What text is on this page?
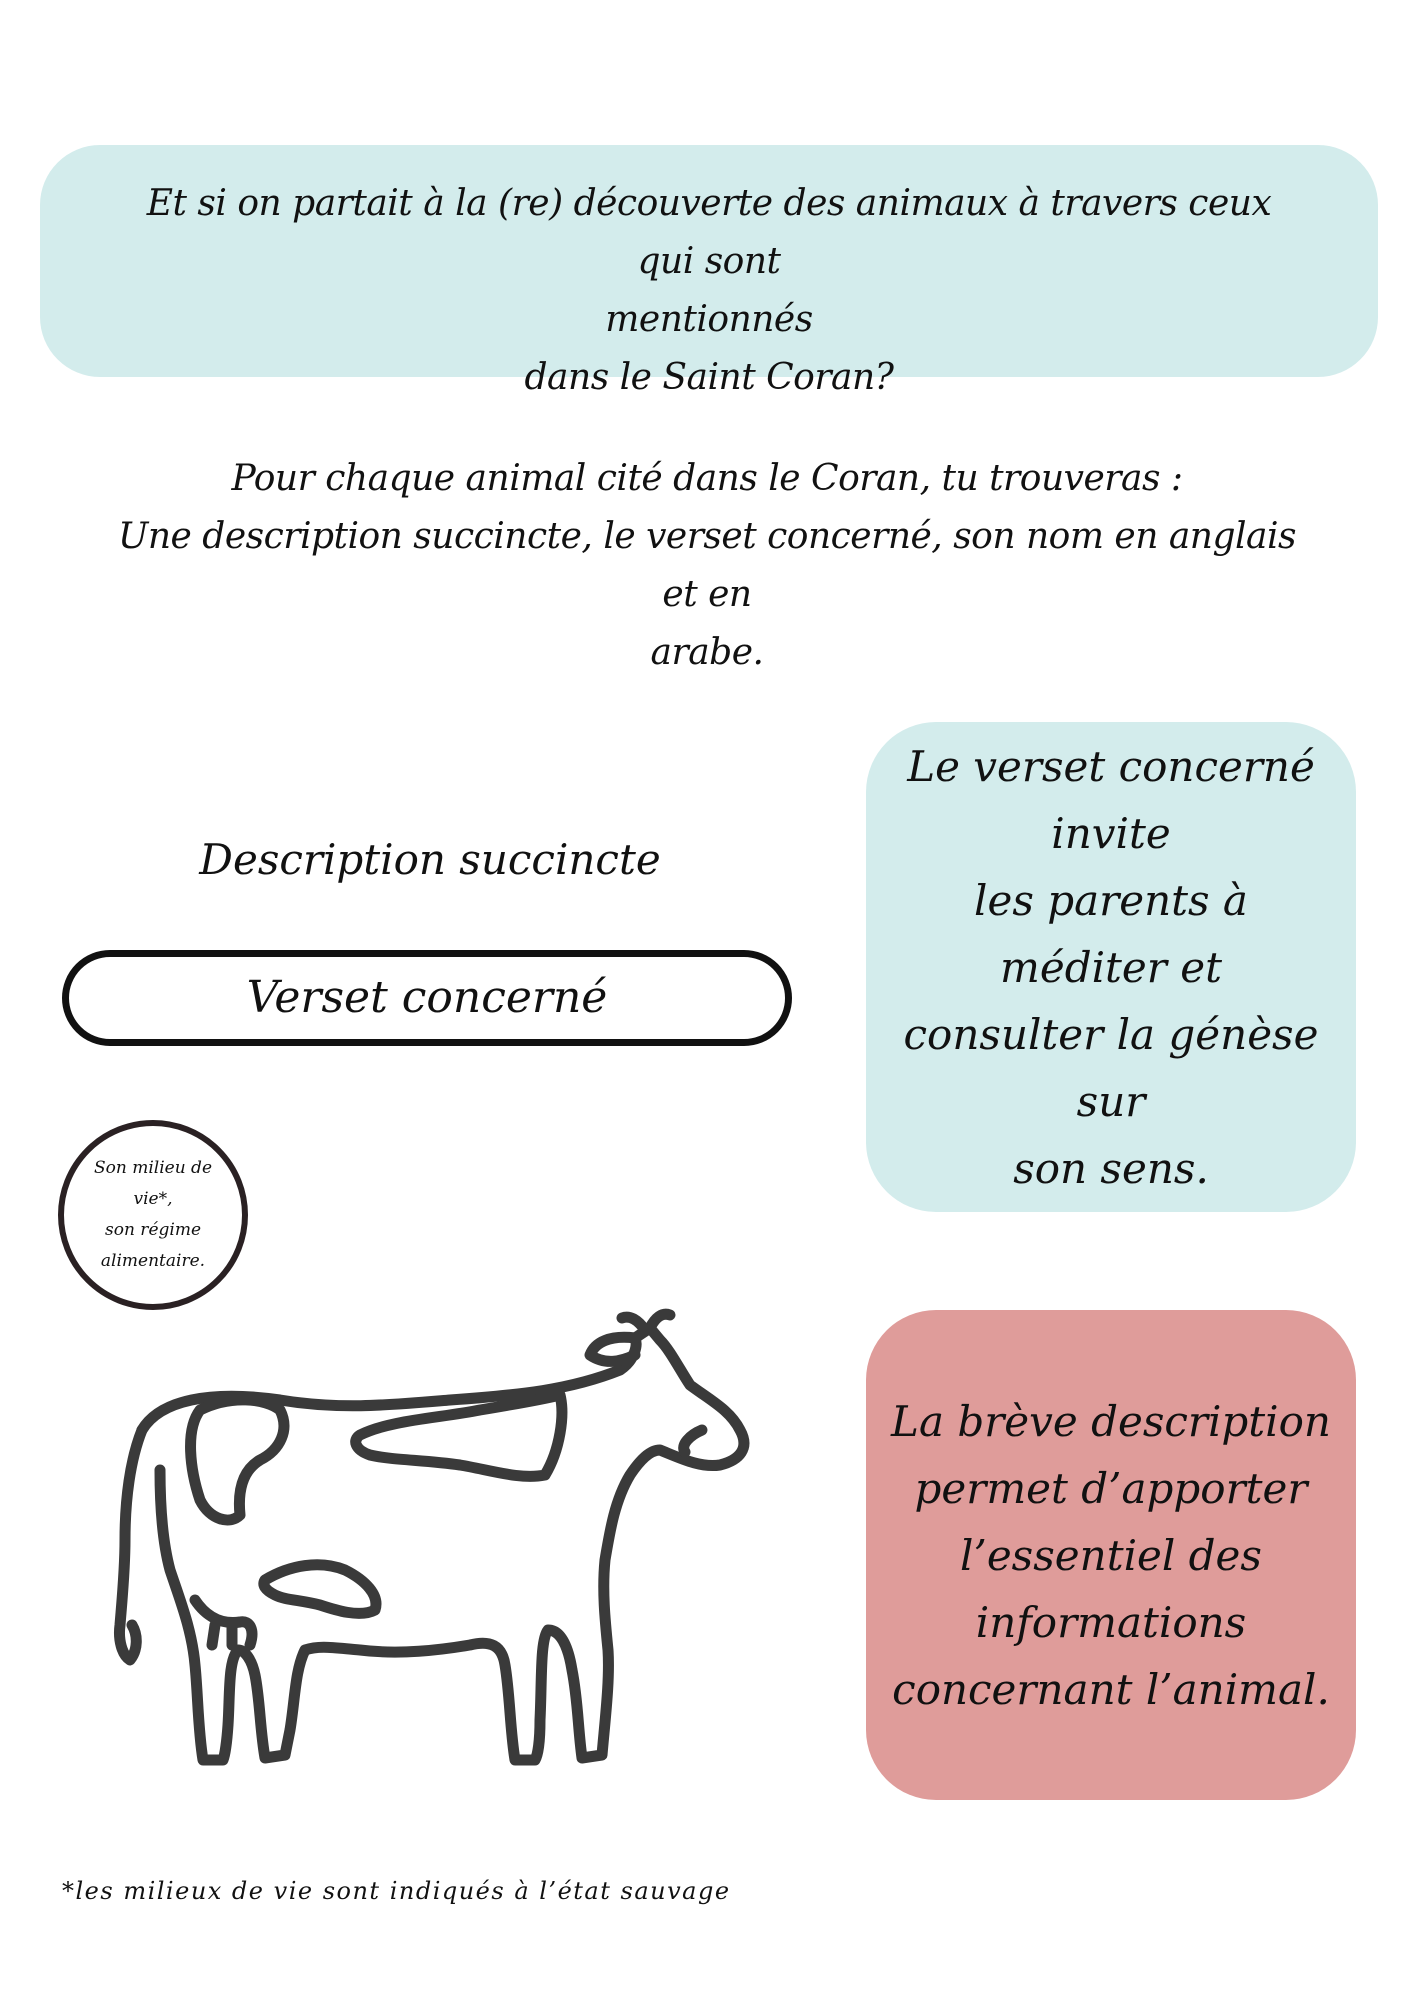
Et si on partait à la (re) découverte des animaux à travers ceux qui sont
mentionnés
dans le Saint Coran?
Pour chaque animal cité dans le Coran, tu trouveras :
Une description succincte, le verset concerné, son nom en anglais et en
arabe.
Description succincte
Verset concerné
Son milieu de vie*,
son régime
alimentaire.
Le verset concerné invite
les parents à méditer et
consulter la génèse sur
son sens.
La brève description
permet d’apporter
l’essentiel des
informations
concernant l’animal.
*les milieux de vie sont indiqués à l’état sauvage
